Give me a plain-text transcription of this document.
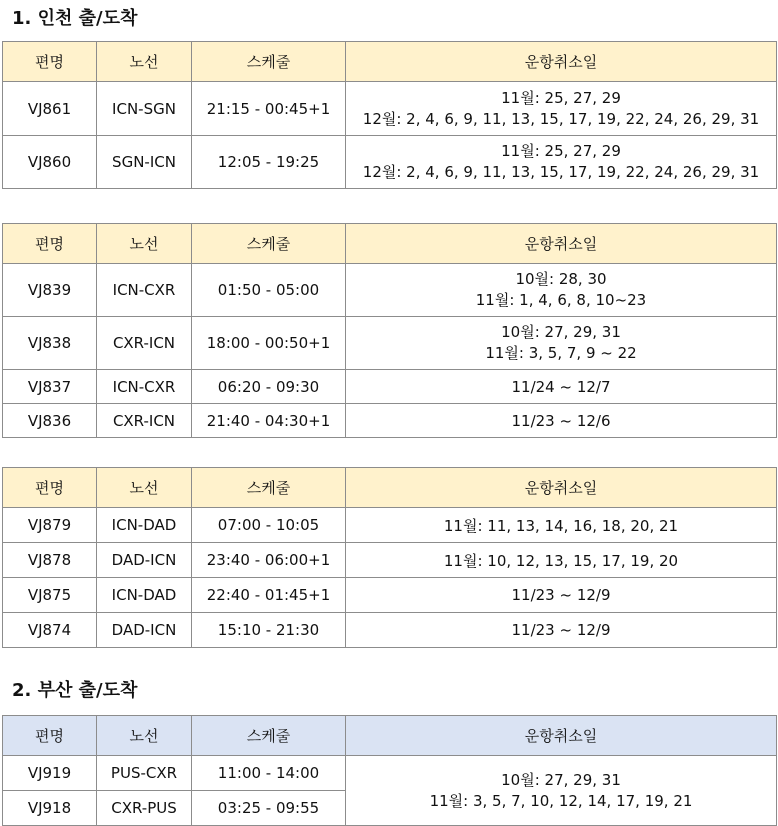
1. 인천 출/도착
편명	노선	스케줄	운항취소일
VJ861	ICN-SGN	21:15 - 00:45+1	11월: 25, 27, 29
12월: 2, 4, 6, 9, 11, 13, 15, 17, 19, 22, 24, 26, 29, 31

VJ860	SGN-ICN	12:05 - 19:25	11월: 25, 27, 29
12월: 2, 4, 6, 9, 11, 13, 15, 17, 19, 22, 24, 26, 29, 31
편명	노선	스케줄	운항취소일
VJ839	ICN-CXR	01:50 - 05:00	10월: 28, 30
11월: 1, 4, 6, 8, 10~23

VJ838	CXR-ICN	18:00 - 00:50+1	10월: 27, 29, 31
11월: 3, 5, 7, 9 ~ 22

VJ837	ICN-CXR	06:20 - 09:30	11/24 ~ 12/7
VJ836	CXR-ICN	21:40 - 04:30+1	11/23 ~ 12/6
편명	노선	스케줄	운항취소일
VJ879	ICN-DAD	07:00 - 10:05	11월: 11, 13, 14, 16, 18, 20, 21
VJ878	DAD-ICN	23:40 - 06:00+1	11월: 10, 12, 13, 15, 17, 19, 20
VJ875	ICN-DAD	22:40 - 01:45+1	11/23 ~ 12/9
VJ874	DAD-ICN	15:10 - 21:30	11/23 ~ 12/9
2. 부산 출/도착
편명	노선	스케줄	운항취소일
VJ919	PUS-CXR	11:00 - 14:00	10월: 27, 29, 31
11월: 3, 5, 7, 10, 12, 14, 17, 19, 21

VJ918	CXR-PUS	03:25 - 09:55	
